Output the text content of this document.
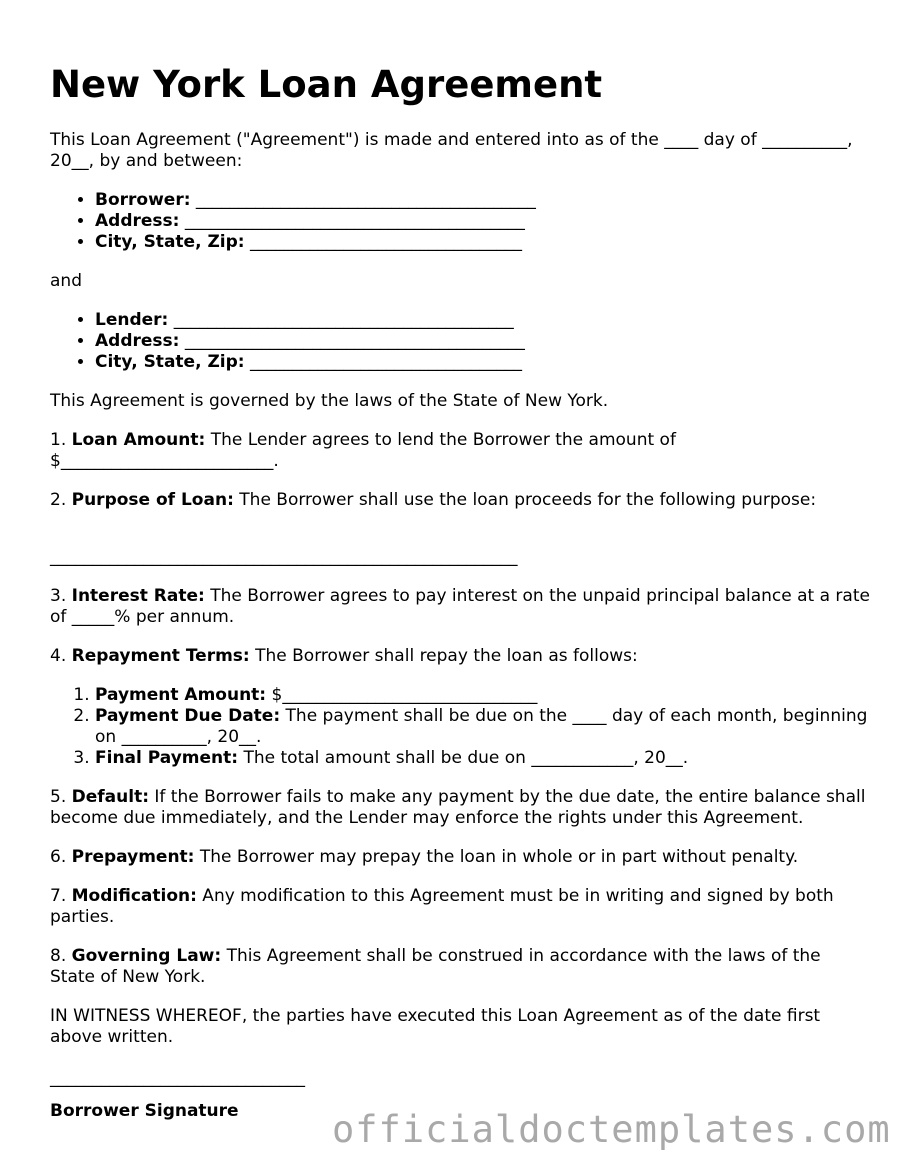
New York Loan Agreement

This Loan Agreement ("Agreement") is made and entered into as of the ____ day of __________, 20__, by and between:

• Borrower: ________________________________________
• Address: ________________________________________
• City, State, Zip: ________________________________

and

• Lender: ________________________________________
• Address: ________________________________________
• City, State, Zip: ________________________________

This Agreement is governed by the laws of the State of New York.

1. Loan Amount: The Lender agrees to lend the Borrower the amount of $_________________________.

2. Purpose of Loan: The Borrower shall use the loan proceeds for the following purpose:

_______________________________________________________

3. Interest Rate: The Borrower agrees to pay interest on the unpaid principal balance at a rate of _____% per annum.

4. Repayment Terms: The Borrower shall repay the loan as follows:

1. Payment Amount: $______________________________
2. Payment Due Date: The payment shall be due on the ____ day of each month, beginning on __________, 20__.
3. Final Payment: The total amount shall be due on ____________, 20__.

5. Default: If the Borrower fails to make any payment by the due date, the entire balance shall become due immediately, and the Lender may enforce the rights under this Agreement.

6. Prepayment: The Borrower may prepay the loan in whole or in part without penalty.

7. Modification: Any modification to this Agreement must be in writing and signed by both parties.

8. Governing Law: This Agreement shall be construed in accordance with the laws of the State of New York.

IN WITNESS WHEREOF, the parties have executed this Loan Agreement as of the date first above written.

______________________________

Borrower Signature	officialdoctemplates.com
